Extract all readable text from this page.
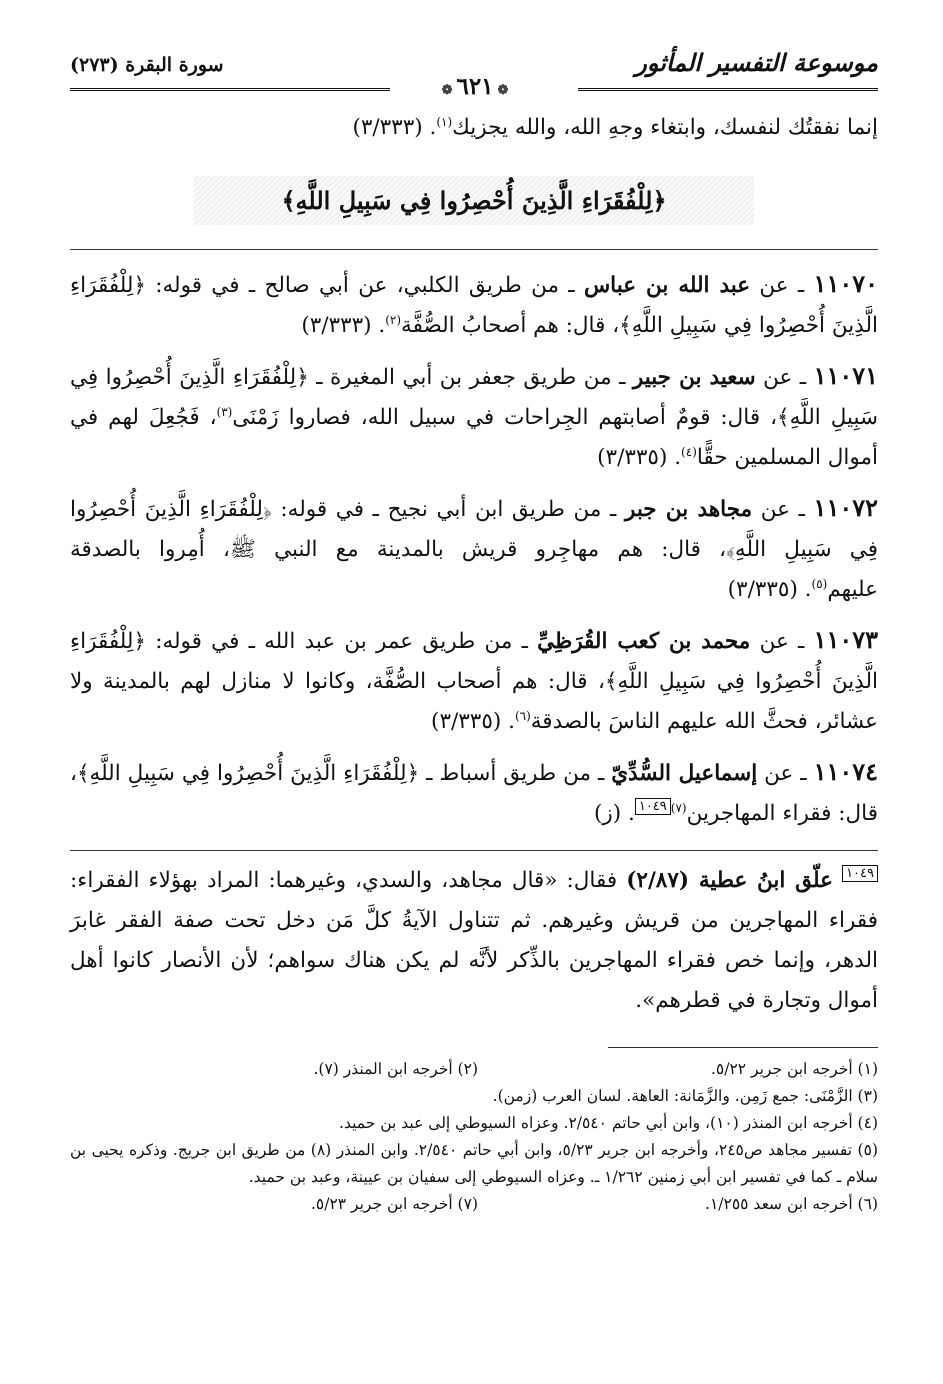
موسوعة التفسير المأثور
سورة البقرة (٢٧٣)
❁٦٢١❁
إنما نفقتُك لنفسك، وابتغاء وجهِ الله، والله يجزيك$^{(١)}$. (٣/٣٣٣)
﴿لِلْفُقَرَاءِ الَّذِينَ أُحْصِرُوا فِي سَبِيلِ اللَّهِ﴾
١١٠٧٠ ـ عن عبد الله بن عباس ـ من طريق الكلبي، عن أبي صالح ـ في قوله: ﴿لِلْفُقَرَاءِ الَّذِينَ أُحْصِرُوا فِي سَبِيلِ اللَّهِ﴾، قال: هم أصحابُ الصُّفَّة$^{(٢)}$. (٣/٣٣٣)
١١٠٧١ ـ عن سعيد بن جبير ـ من طريق جعفر بن أبي المغيرة ـ ﴿لِلْفُقَرَاءِ الَّذِينَ أُحْصِرُوا فِي سَبِيلِ اللَّهِ﴾، قال: قومٌ أصابتهم الجِراحات في سبيل الله، فصاروا زَمْنَى$^{(٣)}$، فَجُعِلَ لهم في أموال المسلمين حقًّا$^{(٤)}$. (٣/٣٣٥)
١١٠٧٢ ـ عن مجاهد بن جبر ـ من طريق ابن أبي نجيح ـ في قوله: ﴿لِلْفُقَرَاءِ الَّذِينَ أُحْصِرُوا فِي سَبِيلِ اللَّهِ﴾، قال: هم مهاجِرو قريش بالمدينة مع النبي ﷺ، أُمِروا بالصدقة عليهم$^{(٥)}$. (٣/٣٣٥)
١١٠٧٣ ـ عن محمد بن كعب القُرَظِيِّ ـ من طريق عمر بن عبد الله ـ في قوله: ﴿لِلْفُقَرَاءِ الَّذِينَ أُحْصِرُوا فِي سَبِيلِ اللَّهِ﴾، قال: هم أصحاب الصُّفَّة، وكانوا لا منازل لهم بالمدينة ولا عشائر، فحثَّ الله عليهم الناسَ بالصدقة$^{(٦)}$. (٣/٣٣٥)
١١٠٧٤ ـ عن إسماعيل السُّدِّيّ ـ من طريق أسباط ـ ﴿لِلْفُقَرَاءِ الَّذِينَ أُحْصِرُوا فِي سَبِيلِ اللَّهِ﴾، قال: فقراء المهاجرين$^{(٧)}$١٠٤٩. (ز)
١٠٤٩ علّق ابنُ عطية (٢/٨٧) فقال: «قال مجاهد، والسدي، وغيرهما: المراد بهؤلاء الفقراء: فقراء المهاجرين من قريش وغيرهم. ثم تتناول الآيةُ كلَّ مَن دخل تحت صفة الفقر غابرَ الدهر، وإنما خص فقراء المهاجرين بالذِّكر لأنَّه لم يكن هناك سواهم؛ لأن الأنصار كانوا أهل أموال وتجارة في قطرهم».
(١) أخرجه ابن جرير ٥/٢٢.
(٢) أخرجه ابن المنذر (٧).
(٣) الزَّمْنَى: جمع زَمِن. والزَّمَانة: العاهة. لسان العرب (زمن).
(٤) أخرجه ابن المنذر (١٠)، وابن أبي حاتم ٢/٥٤٠. وعزاه السيوطي إلى عبد بن حميد.
(٥) تفسير مجاهد ص٢٤٥، وأخرجه ابن جرير ٥/٢٣، وابن أبي حاتم ٢/٥٤٠. وابن المنذر (٨) من طريق ابن جريج. وذكره يحيى بن سلام ـ كما في تفسير ابن أبي زمنين ١/٢٦٢ ـ. وعزاه السيوطي إلى سفيان بن عيينة، وعبد بن حميد.
(٦) أخرجه ابن سعد ١/٢٥٥.
(٧) أخرجه ابن جرير ٥/٢٣.
